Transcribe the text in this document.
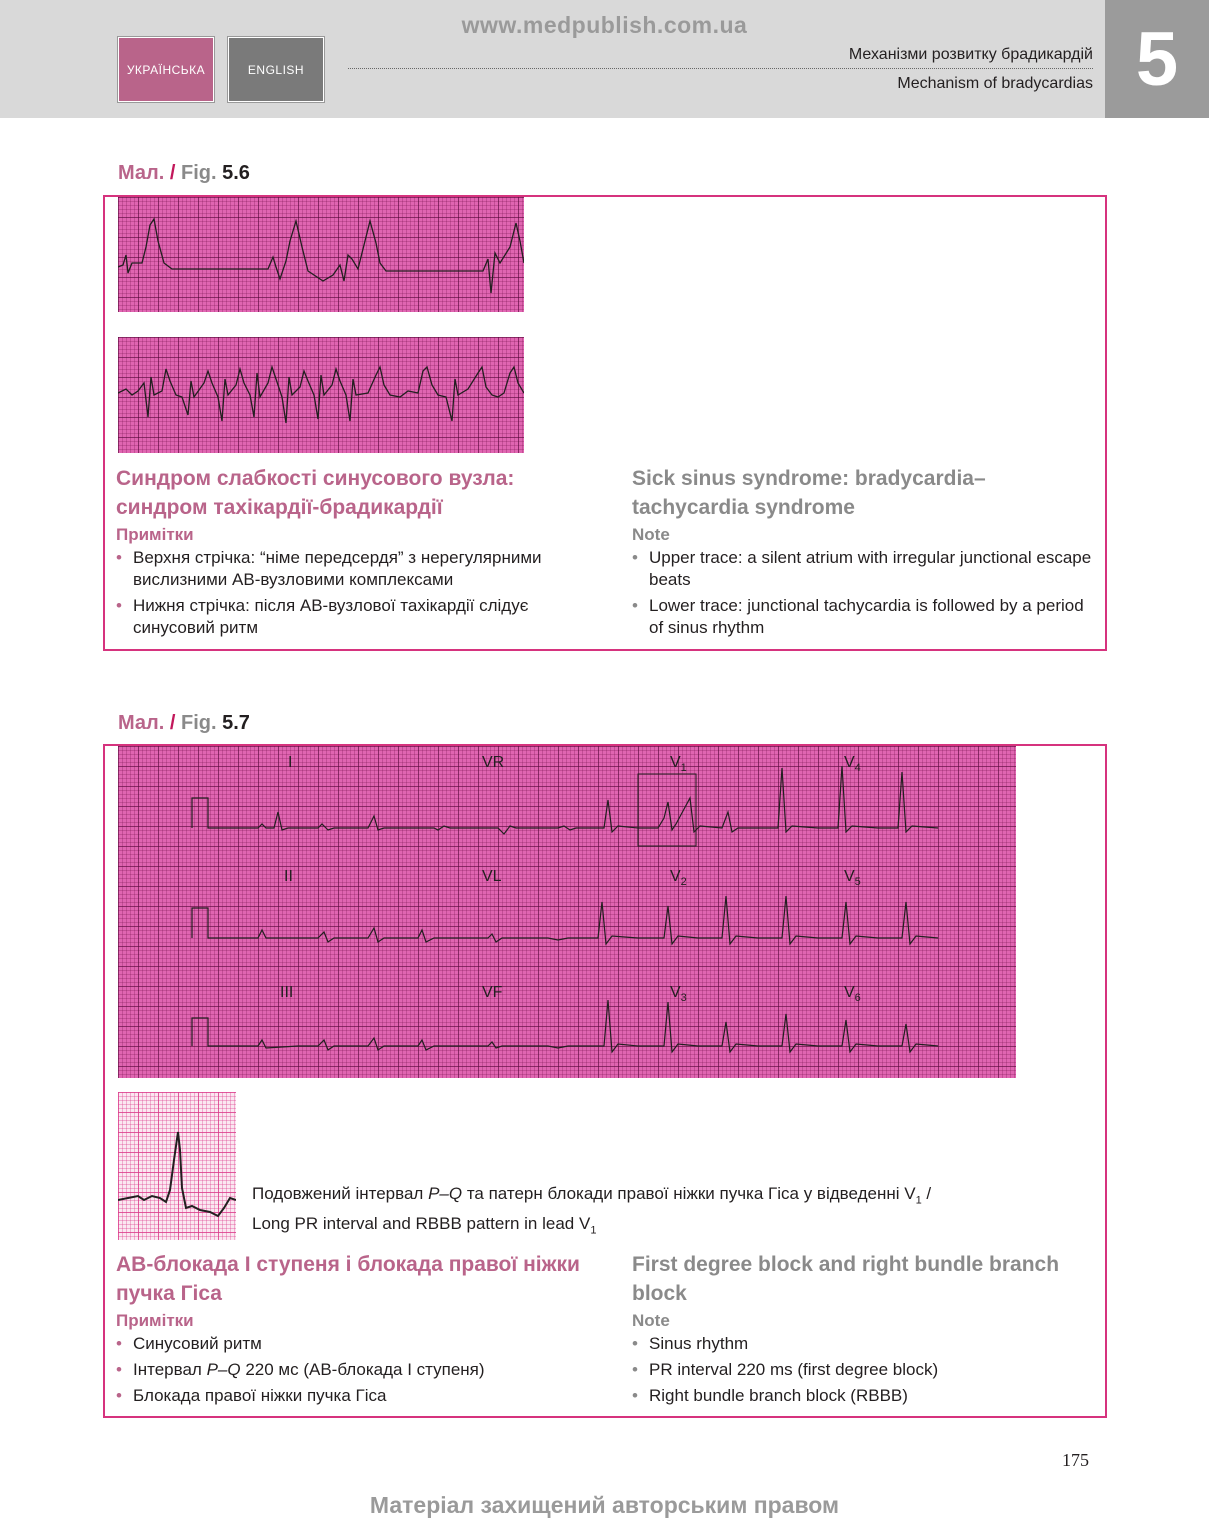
www.medpublish.com.ua
УКРАЇНСЬКА	ENGLISH
Механізми розвитку брадикардій
Mechanism of bradycardias 5
Мал. / Fig. 5.6
Синдром слабкості синусового вузла: синдром тахікардії-брадикардії
Примітки
• Верхня стрічка: “німе передсердя” з нерегулярними вислизними АВ-вузловими комплексами
• Нижня стрічка: після АВ-вузлової тахікардії слідує синусовий ритм
Sick sinus syndrome: bradycardia–tachycardia syndrome
Note
• Upper trace: a silent atrium with irregular junctional escape beats
• Lower trace: junctional tachycardia is followed by a period of sinus rhythm
Мал. / Fig. 5.7
I	VR	$V_1$	$V_4$
II	VL	$V_2$	$V_5$
III	VF	$V_3$	$V_6$
Подовжений інтервал P–Q та патерн блокади правої ніжки пучка Гіса у відведенні $V_1$ /
Long PR interval and RBBB pattern in lead $V_1$
АВ-блокада I ступеня і блокада правої ніжки пучка Гіса
Примітки
• Синусовий ритм
• Інтервал P–Q 220 мс (АВ-блокада I ступеня)
• Блокада правої ніжки пучка Гіса
First degree block and right bundle branch block
Note
• Sinus rhythm
• PR interval 220 ms (first degree block)
• Right bundle branch block (RBBB)
175
Матеріал захищений авторським правом
